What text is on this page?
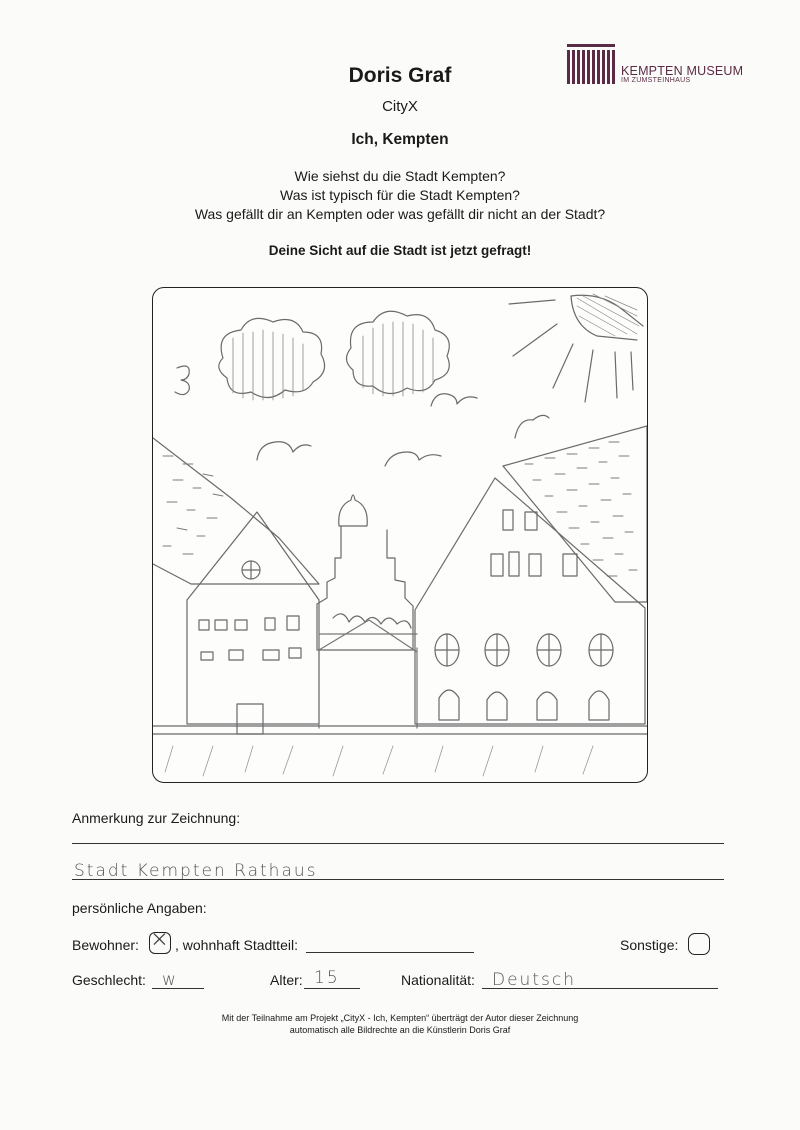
KEMPTEN MUSEUM
IM ZUMSTEINHAUS
Doris Graf
CityX
Ich, Kempten
Wie siehst du die Stadt Kempten?
Was ist typisch für die Stadt Kempten?
Was gefällt dir an Kempten oder was gefällt dir nicht an der Stadt?
Deine Sicht auf die Stadt ist jetzt gefragt!
Anmerkung zur Zeichnung:
Stadt Kempten Rathaus
persönliche Angaben:
Bewohner: ⨉ , wohnhaft Stadtteil:	Sonstige:
Geschlecht: w	Alter: 15	Nationalität: Deutsch
Mit der Teilnahme am Projekt „CityX - Ich, Kempten“ überträgt der Autor dieser Zeichnung
automatisch alle Bildrechte an die Künstlerin Doris Graf
